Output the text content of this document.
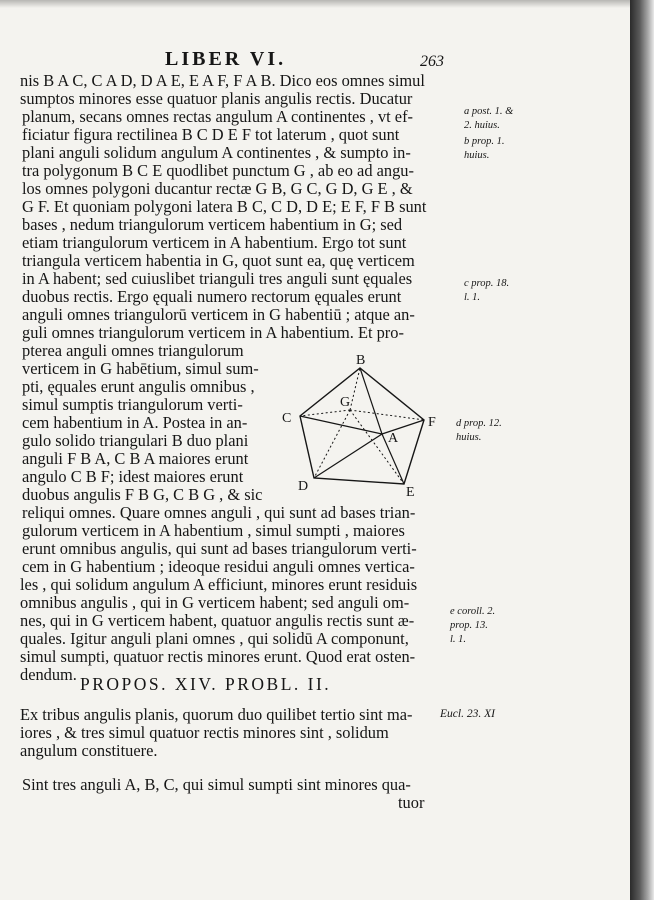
LIBER VI.	263
nis B A C, C A D, D A E, E A F, F A B. Dico eos omnes simul
sumptos minores esse quatuor planis angulis rectis. Ducatur
planum, secans omnes rectas angulum A continentes , vt ef-
ficiatur figura rectilinea B C D E F tot laterum , quot sunt
plani anguli solidum angulum A continentes , & sumpto in-
tra polygonum B C E quodlibet punctum G , ab eo ad angu-
los omnes polygoni ducantur rectæ G B, G C, G D, G E , &
G F. Et quoniam polygoni latera B C, C D, D E; E F, F B sunt
bases , nedum triangulorum verticem habentium in G; sed
etiam triangulorum verticem in A habentium. Ergo tot sunt
triangula verticem habentia in G, quot sunt ea, quę verticem
in A habent; sed cuiuslibet trianguli tres anguli sunt ęquales
duobus rectis. Ergo ęquali numero rectorum ęquales erunt
anguli omnes triangulorū verticem in G habentiū ; atque an-
guli omnes triangulorum verticem in A habentium. Et pro-
pterea anguli omnes triangulorum
verticem in G habētium, simul sum-
pti, ęquales erunt angulis omnibus ,
simul sumptis triangulorum verti-
cem habentium in A. Postea in an-
gulo solido triangulari B duo plani
anguli F B A, C B A maiores erunt
angulo C B F; idest maiores erunt
duobus angulis F B G, C B G , & sic
reliqui omnes. Quare omnes anguli , qui sunt ad bases trian-
gulorum verticem in A habentium , simul sumpti , maiores
erunt omnibus angulis, qui sunt ad bases triangulorum verti-
cem in G habentium ; ideoque residui anguli omnes vertica-
les , qui solidum angulum A efficiunt, minores erunt residuis
omnibus angulis , qui in G verticem habent; sed anguli om-
nes, qui in G verticem habent, quatuor angulis rectis sunt æ-
quales. Igitur anguli plani omnes , qui solidū A componunt,
simul sumpti, quatuor rectis minores erunt. Quod erat osten-
dendum. PROPOS. XIV. PROBL. II.
Ex tribus angulis planis, quorum duo quilibet tertio sint ma-
iores , & tres simul quatuor rectis minores sint , solidum
angulum constituere.
Sint tres anguli A, B, C, qui simul sumpti sint minores qua-
tuor
a post. 1. &
2. huius.
b prop. 1.
huius.
c prop. 18.
l. 1.
d prop. 12.
huius.
e coroll. 2.
prop. 13.
l. 1.
Eucl. 23. XI
B
C	F
G
A
D	E
